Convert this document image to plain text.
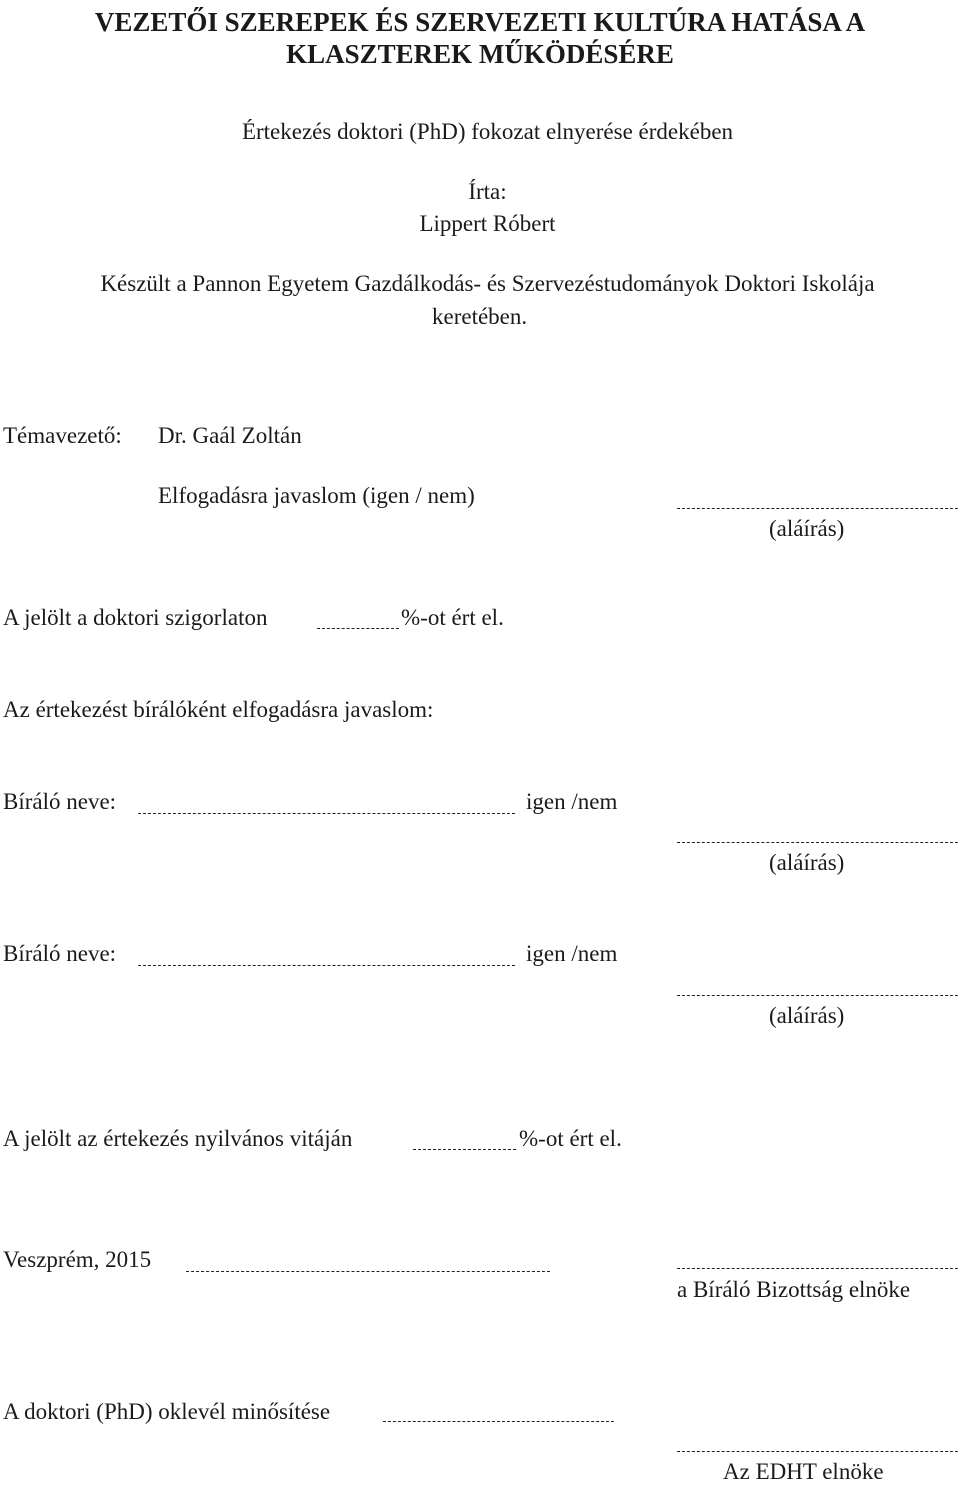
VEZETŐI SZEREPEK ÉS SZERVEZETI KULTÚRA HATÁSA A
KLASZTEREK MŰKÖDÉSÉRE
Értekezés doktori (PhD) fokozat elnyerése érdekében
Írta:
Lippert Róbert
Készült a Pannon Egyetem Gazdálkodás- és Szervezéstudományok Doktori Iskolája
keretében.
Témavezető: Dr. Gaál Zoltán
Elfogadásra javaslom (igen / nem)
(aláírás)
A jelölt a doktori szigorlaton	%-ot ért el.
Az értekezést bírálóként elfogadásra javaslom:
Bíráló neve:	igen /nem
(aláírás)
Bíráló neve:	igen /nem
(aláírás)
A jelölt az értekezés nyilvános vitáján	%-ot ért el.
Veszprém, 2015
a Bíráló Bizottság elnöke
A doktori (PhD) oklevél minősítése
Az EDHT elnöke
